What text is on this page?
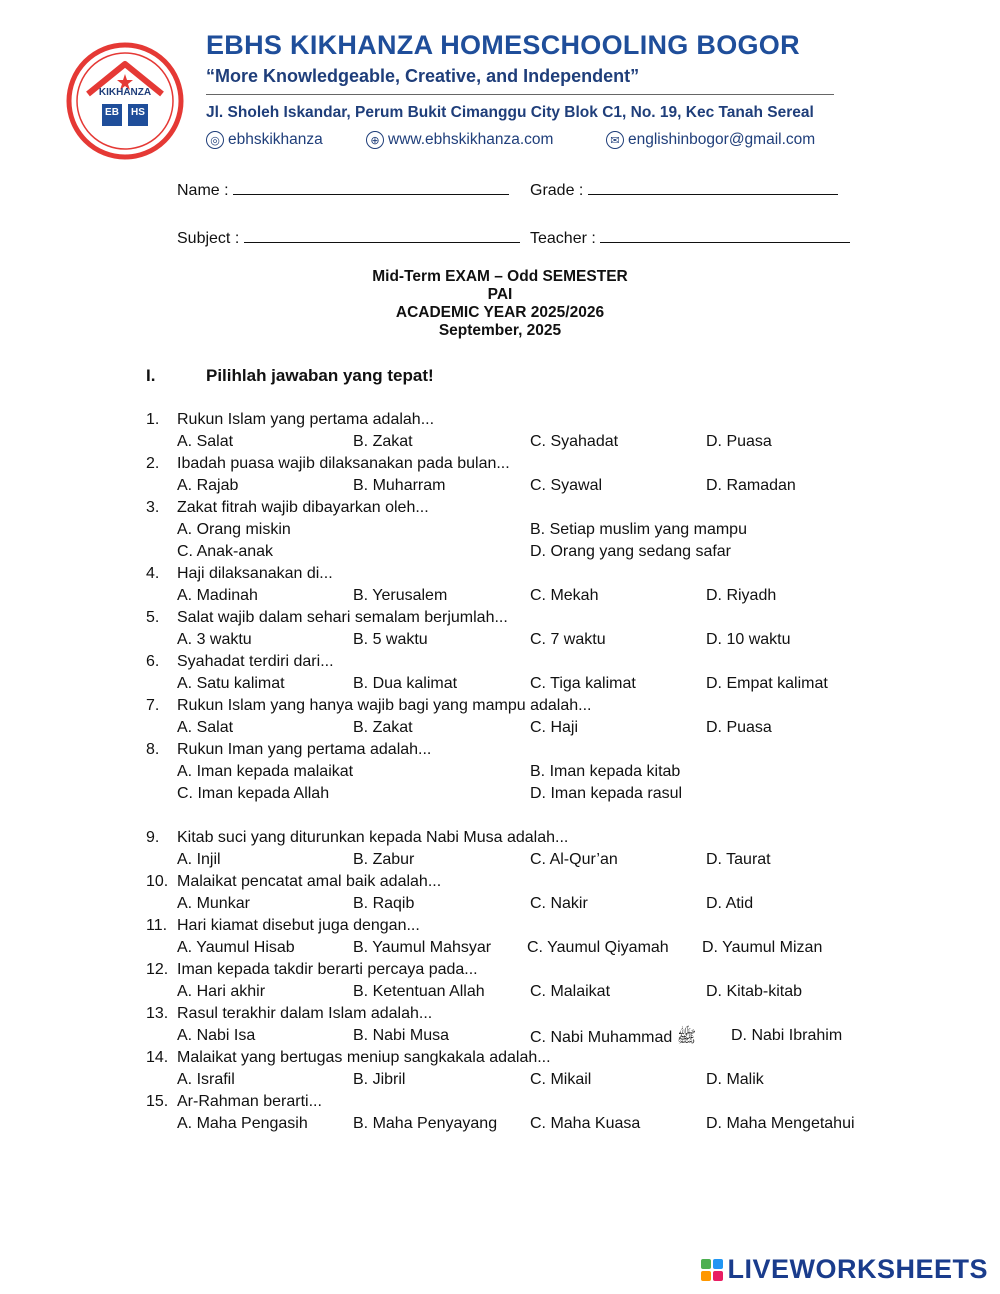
KIKHANZA
EB	HS
EBHS KIKHANZA HOMESCHOOLING BOGOR
“More Knowledgeable, Creative, and Independent”
Jl. Sholeh Iskandar, Perum Bukit Cimanggu City Blok C1, No. 19, Kec Tanah Sereal
◎ ebhskikhanza	⊕ www.ebhskikhanza.com	✉ englishinbogor@gmail.com
Name :	Grade :
Subject :	Teacher :
Mid-Term EXAM – Odd SEMESTER
PAI
ACADEMIC YEAR 2025/2026
September, 2025
I.	Pilihlah jawaban yang tepat!
1. Rukun Islam yang pertama adalah...
A. Salat	B. Zakat	C. Syahadat	D. Puasa
2. Ibadah puasa wajib dilaksanakan pada bulan...
A. Rajab	B. Muharram	C. Syawal	D. Ramadan
3. Zakat fitrah wajib dibayarkan oleh...
A. Orang miskin	B. Setiap muslim yang mampu
C. Anak-anak	D. Orang yang sedang safar
4. Haji dilaksanakan di...
A. Madinah	B. Yerusalem	C. Mekah	D. Riyadh
5. Salat wajib dalam sehari semalam berjumlah...
A. 3 waktu	B. 5 waktu	C. 7 waktu	D. 10 waktu
6. Syahadat terdiri dari...
A. Satu kalimat	B. Dua kalimat	C. Tiga kalimat	D. Empat kalimat
7. Rukun Islam yang hanya wajib bagi yang mampu adalah...
A. Salat	B. Zakat	C. Haji	D. Puasa
8. Rukun Iman yang pertama adalah...
A. Iman kepada malaikat	B. Iman kepada kitab
C. Iman kepada Allah	D. Iman kepada rasul
9. Kitab suci yang diturunkan kepada Nabi Musa adalah...
A. Injil	B. Zabur	C. Al-Qur’an	D. Taurat
10. Malaikat pencatat amal baik adalah...
A. Munkar	B. Raqib	C. Nakir	D. Atid
11. Hari kiamat disebut juga dengan...
A. Yaumul Hisab	B. Yaumul Mahsyar C. Yaumul Qiyamah D. Yaumul Mizan
12. Iman kepada takdir berarti percaya pada...
A. Hari akhir	B. Ketentuan Allah	C. Malaikat	D. Kitab-kitab
13. Rasul terakhir dalam Islam adalah...
A. Nabi Isa	B. Nabi Musa	C. Nabi Muhammad ﷺ D. Nabi Ibrahim
14. Malaikat yang bertugas meniup sangkakala adalah...
A. Israfil	B. Jibril	C. Mikail	D. Malik
15. Ar-Rahman berarti...
A. Maha Pengasih	B. Maha Penyayang C. Maha Kuasa	D. Maha Mengetahui
LIVEWORKSHEETS
